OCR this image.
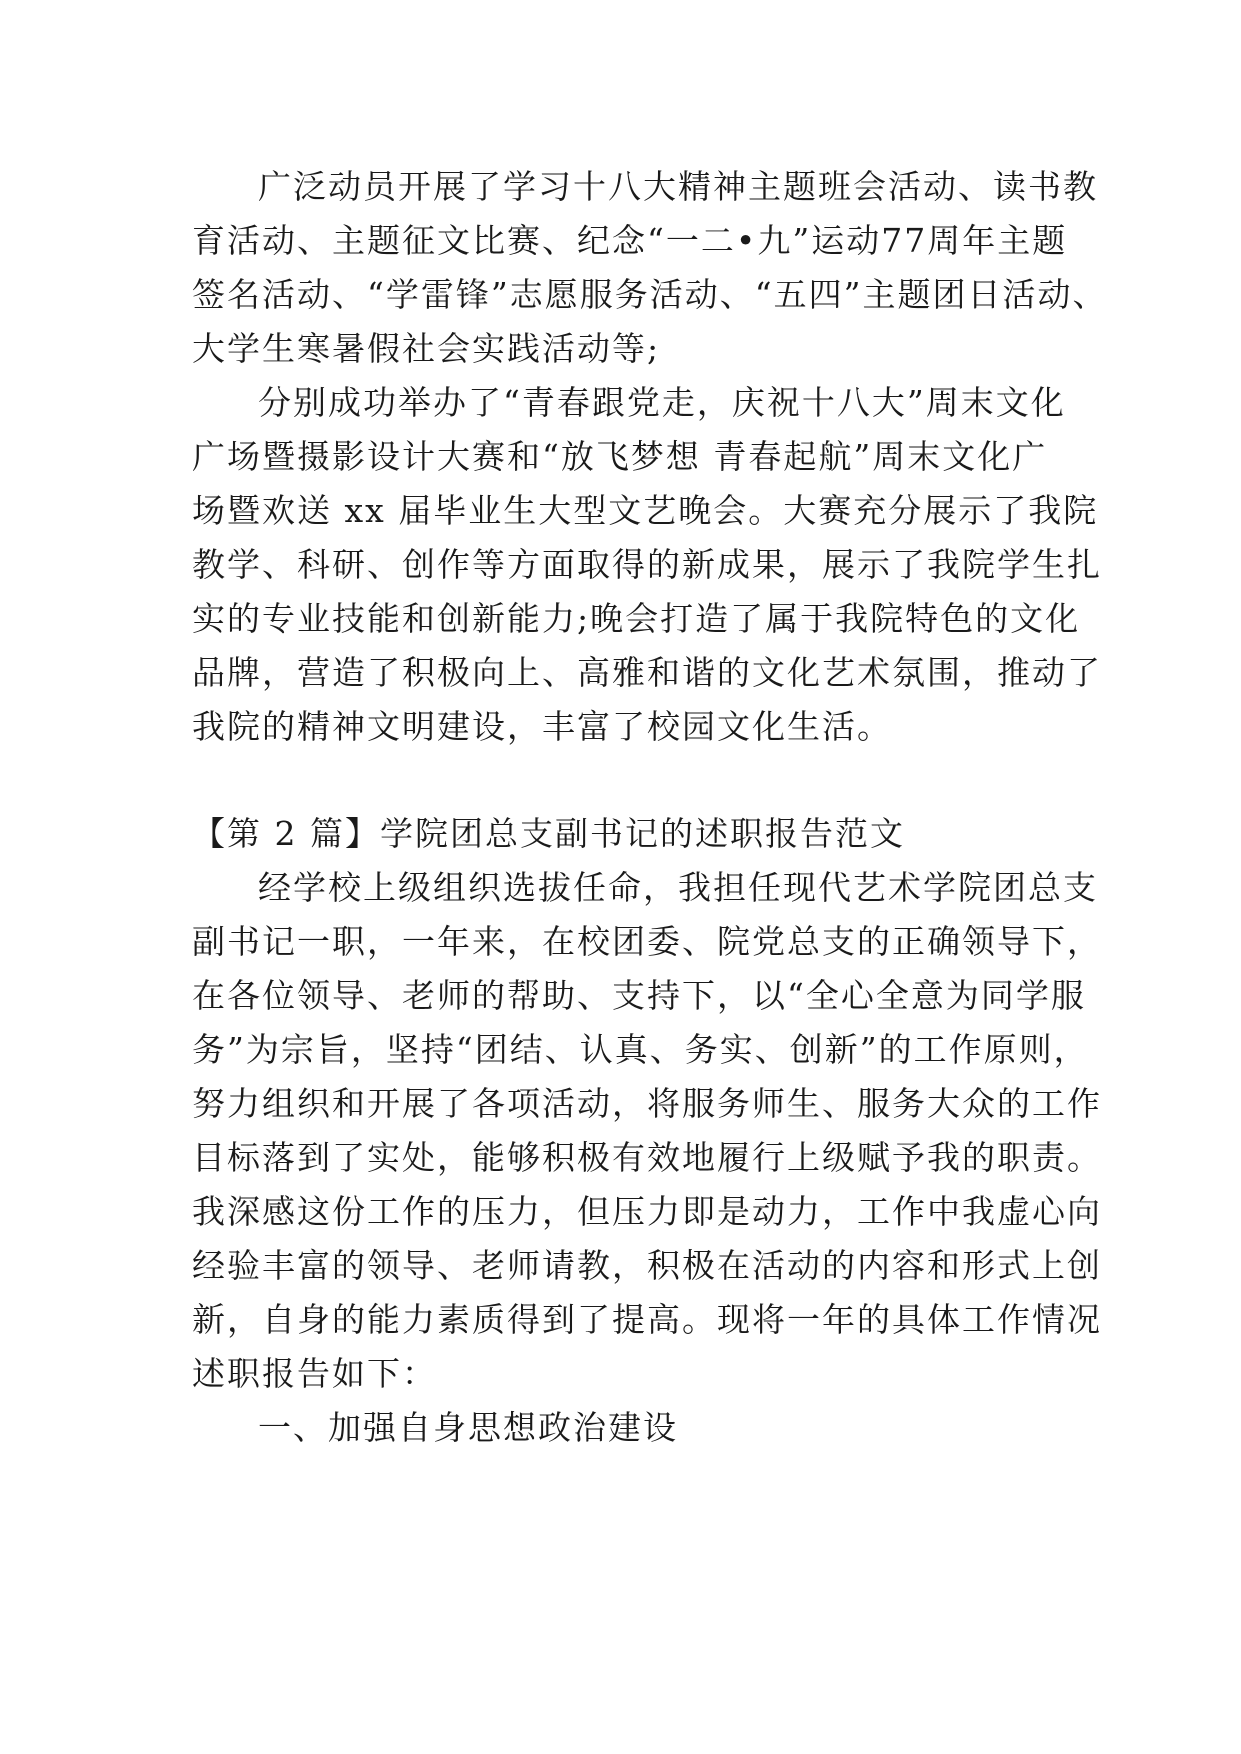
广泛动员开展了学习十八大精神主题班会活动、读书教
育活动、主题征文比赛、纪念“一二•九”运动77周年主题
签名活动、“学雷锋”志愿服务活动、“五四”主题团日活动、
大学生寒暑假社会实践活动等;
分别成功举办了“青春跟党走，庆祝十八大”周末文化
广场暨摄影设计大赛和“放飞梦想 青春起航”周末文化广
场暨欢送 xx 届毕业生大型文艺晚会。大赛充分展示了我院
教学、科研、创作等方面取得的新成果，展示了我院学生扎
实的专业技能和创新能力;晚会打造了属于我院特色的文化
品牌，营造了积极向上、高雅和谐的文化艺术氛围，推动了
我院的精神文明建设，丰富了校园文化生活。
【第 2 篇】学院团总支副书记的述职报告范文
经学校上级组织选拔任命，我担任现代艺术学院团总支
副书记一职，一年来，在校团委、院党总支的正确领导下，
在各位领导、老师的帮助、支持下，以“全心全意为同学服
务”为宗旨，坚持“团结、认真、务实、创新”的工作原则，
努力组织和开展了各项活动，将服务师生、服务大众的工作
目标落到了实处，能够积极有效地履行上级赋予我的职责。
我深感这份工作的压力，但压力即是动力，工作中我虚心向
经验丰富的领导、老师请教，积极在活动的内容和形式上创
新，自身的能力素质得到了提高。现将一年的具体工作情况
述职报告如下：
一、加强自身思想政治建设
